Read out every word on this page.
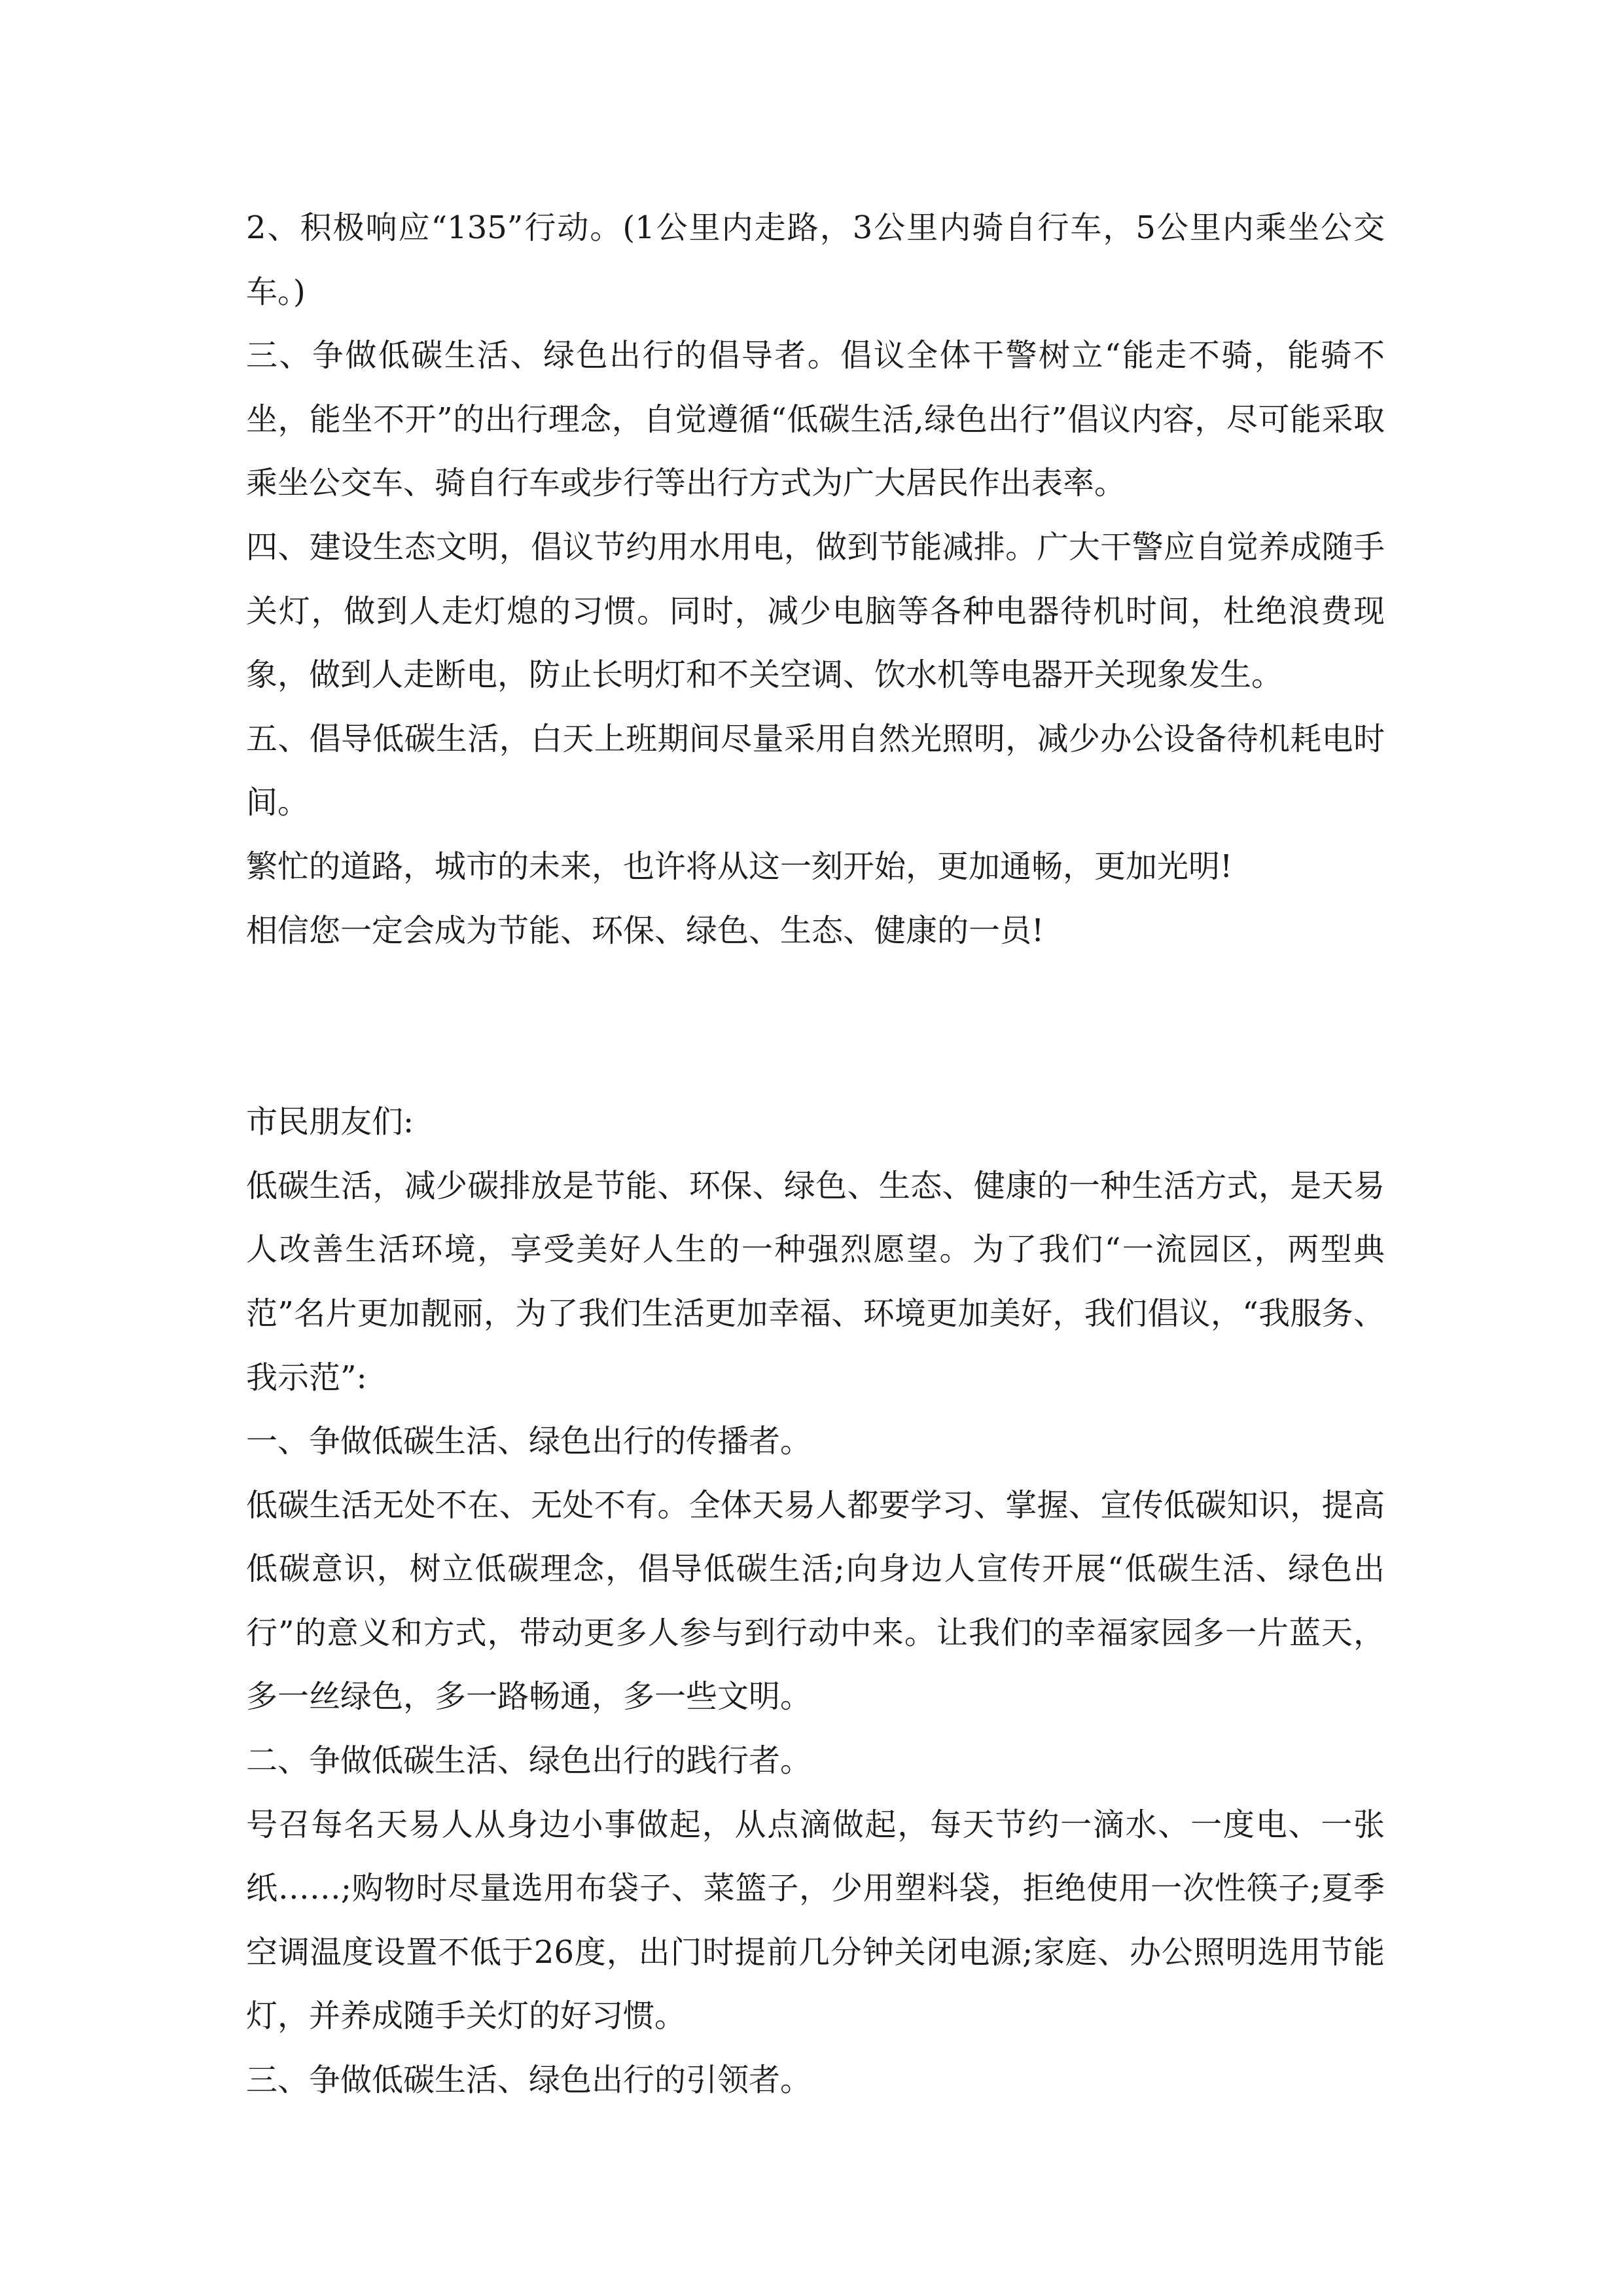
2、积极响应“135”行动。(1公里内走路，3公里内骑自行车，5公里内乘坐公交车。)

三、争做低碳生活、绿色出行的倡导者。倡议全体干警树立“能走不骑，能骑不坐，能坐不开”的出行理念，自觉遵循“低碳生活,绿色出行”倡议内容，尽可能采取乘坐公交车、骑自行车或步行等出行方式为广大居民作出表率。

四、建设生态文明，倡议节约用水用电，做到节能减排。广大干警应自觉养成随手关灯，做到人走灯熄的习惯。同时，减少电脑等各种电器待机时间，杜绝浪费现象，做到人走断电，防止长明灯和不关空调、饮水机等电器开关现象发生。

五、倡导低碳生活，白天上班期间尽量采用自然光照明，减少办公设备待机耗电时间。

繁忙的道路，城市的未来，也许将从这一刻开始，更加通畅，更加光明!

相信您一定会成为节能、环保、绿色、生态、健康的一员!

市民朋友们:

低碳生活，减少碳排放是节能、环保、绿色、生态、健康的一种生活方式，是天易人改善生活环境，享受美好人生的一种强烈愿望。为了我们“一流园区，两型典范”名片更加靓丽，为了我们生活更加幸福、环境更加美好，我们倡议，“我服务、我示范”:

一、争做低碳生活、绿色出行的传播者。

低碳生活无处不在、无处不有。全体天易人都要学习、掌握、宣传低碳知识，提高低碳意识，树立低碳理念，倡导低碳生活;向身边人宣传开展“低碳生活、绿色出行”的意义和方式，带动更多人参与到行动中来。让我们的幸福家园多一片蓝天，多一丝绿色，多一路畅通，多一些文明。

二、争做低碳生活、绿色出行的践行者。

号召每名天易人从身边小事做起，从点滴做起，每天节约一滴水、一度电、一张纸……;购物时尽量选用布袋子、菜篮子，少用塑料袋，拒绝使用一次性筷子;夏季空调温度设置不低于26度，出门时提前几分钟关闭电源;家庭、办公照明选用节能灯，并养成随手关灯的好习惯。

三、争做低碳生活、绿色出行的引领者。
